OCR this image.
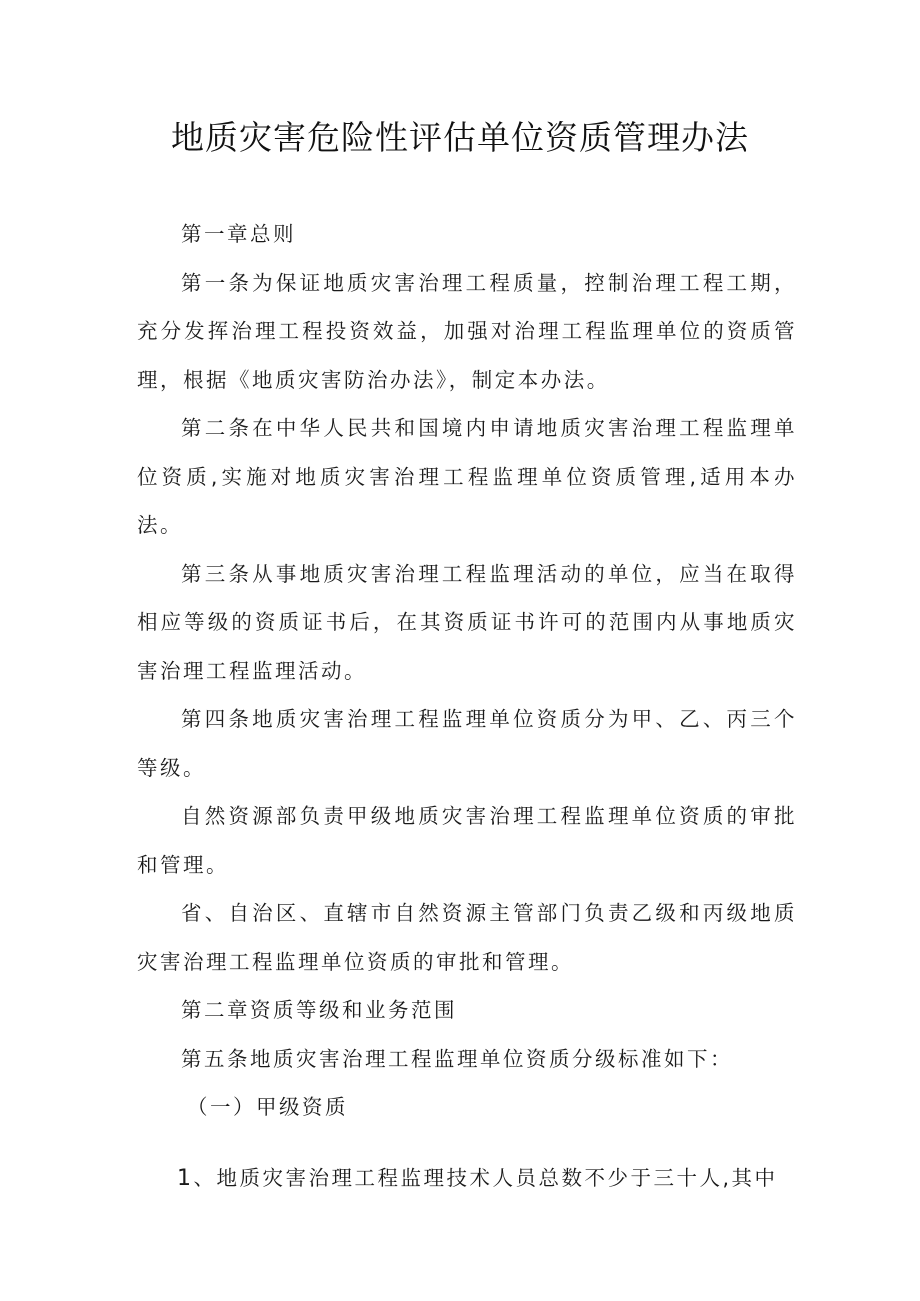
地质灾害危险性评估单位资质管理办法

第一章总则

第一条为保证地质灾害治理工程质量，控制治理工程工期，充分发挥治理工程投资效益，加强对治理工程监理单位的资质管理，根据《地质灾害防治办法》，制定本办法。

第二条在中华人民共和国境内申请地质灾害治理工程监理单位资质,实施对地质灾害治理工程监理单位资质管理,适用本办法。

第三条从事地质灾害治理工程监理活动的单位，应当在取得相应等级的资质证书后，在其资质证书许可的范围内从事地质灾害治理工程监理活动。

第四条地质灾害治理工程监理单位资质分为甲、乙、丙三个等级。

自然资源部负责甲级地质灾害治理工程监理单位资质的审批和管理。

省、自治区、直辖市自然资源主管部门负责乙级和丙级地质灾害治理工程监理单位资质的审批和管理。

第二章资质等级和业务范围

第五条地质灾害治理工程监理单位资质分级标准如下：

（一）甲级资质

1、地质灾害治理工程监理技术人员总数不少于三十人,其中
